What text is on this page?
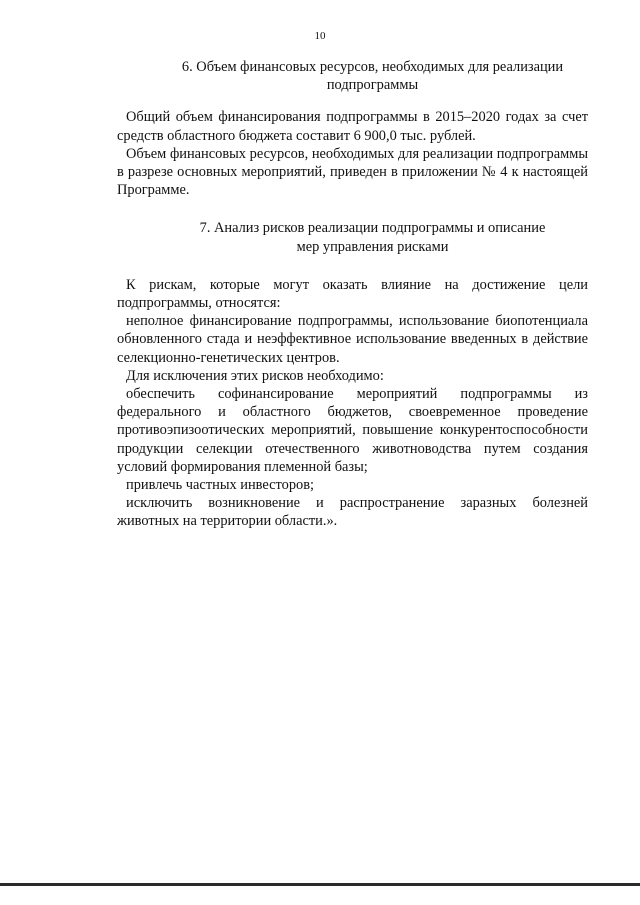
10
6. Объем финансовых ресурсов, необходимых для реализации
подпрограммы

Общий объем финансирования подпрограммы в 2015–2020 годах за счет средств областного бюджета составит 6 900,0 тыс. рублей.

Объем финансовых ресурсов, необходимых для реализации подпрограммы в разрезе основных мероприятий, приведен в приложении № 4 к настоящей Программе.

7. Анализ рисков реализации подпрограммы и описание
мер управления рисками

К рискам, которые могут оказать влияние на достижение цели подпрограммы, относятся:

неполное финансирование подпрограммы, использование биопотенциала обновленного стада и неэффективное использование введенных в действие селекционно-генетических центров.

Для исключения этих рисков необходимо:

обеспечить софинансирование мероприятий подпрограммы из федерального и областного бюджетов, своевременное проведение противоэпизоотических мероприятий, повышение конкурентоспособности продукции селекции отечественного животноводства путем создания условий формирования племенной базы;

привлечь частных инвесторов;

исключить возникновение и распространение заразных болезней животных на территории области.».
